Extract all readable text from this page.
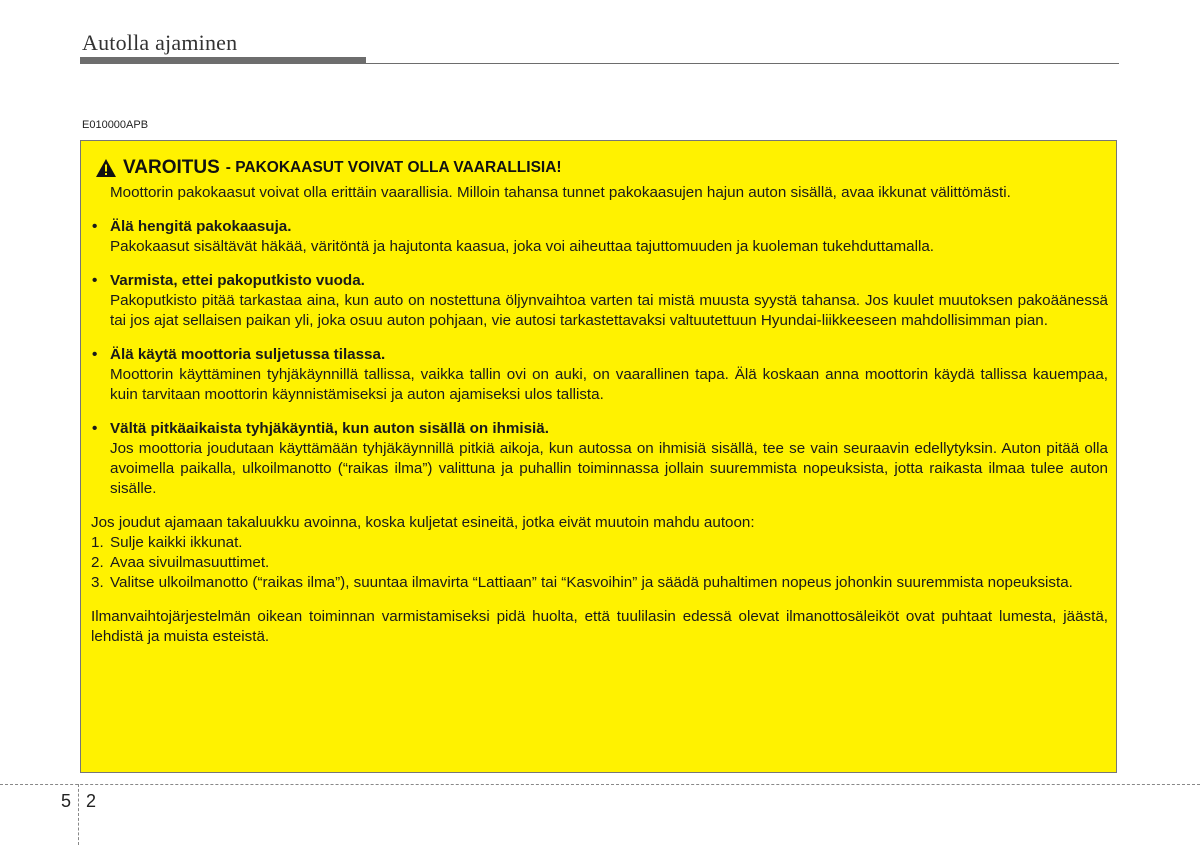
Autolla ajaminen
E010000APB
VAROITUS - PAKOKAASUT VOIVAT OLLA VAARALLISIA!
Moottorin pakokaasut voivat olla erittäin vaarallisia. Milloin tahansa tunnet pakokaasujen hajun auton sisällä, avaa ikkunat välittömästi.
• Älä hengitä pakokaasuja.
Pakokaasut sisältävät häkää, väritöntä ja hajutonta kaasua, joka voi aiheuttaa tajuttomuuden ja kuoleman tukehduttamalla.
• Varmista, ettei pakoputkisto vuoda.
Pakoputkisto pitää tarkastaa aina, kun auto on nostettuna öljynvaihtoa varten tai mistä muusta syystä tahansa. Jos kuulet muutoksen pakoäänessä tai jos ajat sellaisen paikan yli, joka osuu auton pohjaan, vie autosi tarkastettavaksi valtuutettuun Hyundai-liikkeeseen mahdollisimman pian.
• Älä käytä moottoria suljetussa tilassa.
Moottorin käyttäminen tyhjäkäynnillä tallissa, vaikka tallin ovi on auki, on vaarallinen tapa. Älä koskaan anna moottorin käydä tallissa kauempaa, kuin tarvitaan moottorin käynnistämiseksi ja auton ajamiseksi ulos tallista.
• Vältä pitkäaikaista tyhjäkäyntiä, kun auton sisällä on ihmisiä.
Jos moottoria joudutaan käyttämään tyhjäkäynnillä pitkiä aikoja, kun autossa on ihmisiä sisällä, tee se vain seuraavin edellytyksin. Auton pitää olla avoimella paikalla, ulkoilmanotto (“raikas ilma”) valittuna ja puhallin toiminnassa jollain suuremmista nopeuksista, jotta raikasta ilmaa tulee auton sisälle.
Jos joudut ajamaan takaluukku avoinna, koska kuljetat esineitä, jotka eivät muutoin mahdu autoon:
1. Sulje kaikki ikkunat.
2. Avaa sivuilmasuuttimet.
3. Valitse ulkoilmanotto (“raikas ilma”), suuntaa ilmavirta “Lattiaan” tai “Kasvoihin” ja säädä puhaltimen nopeus johonkin suuremmista nopeuksista.
Ilmanvaihtojärjestelmän oikean toiminnan varmistamiseksi pidä huolta, että tuulilasin edessä olevat ilmanottosäleiköt ovat puhtaat lumesta, jäästä, lehdistä ja muista esteistä.
5 2
